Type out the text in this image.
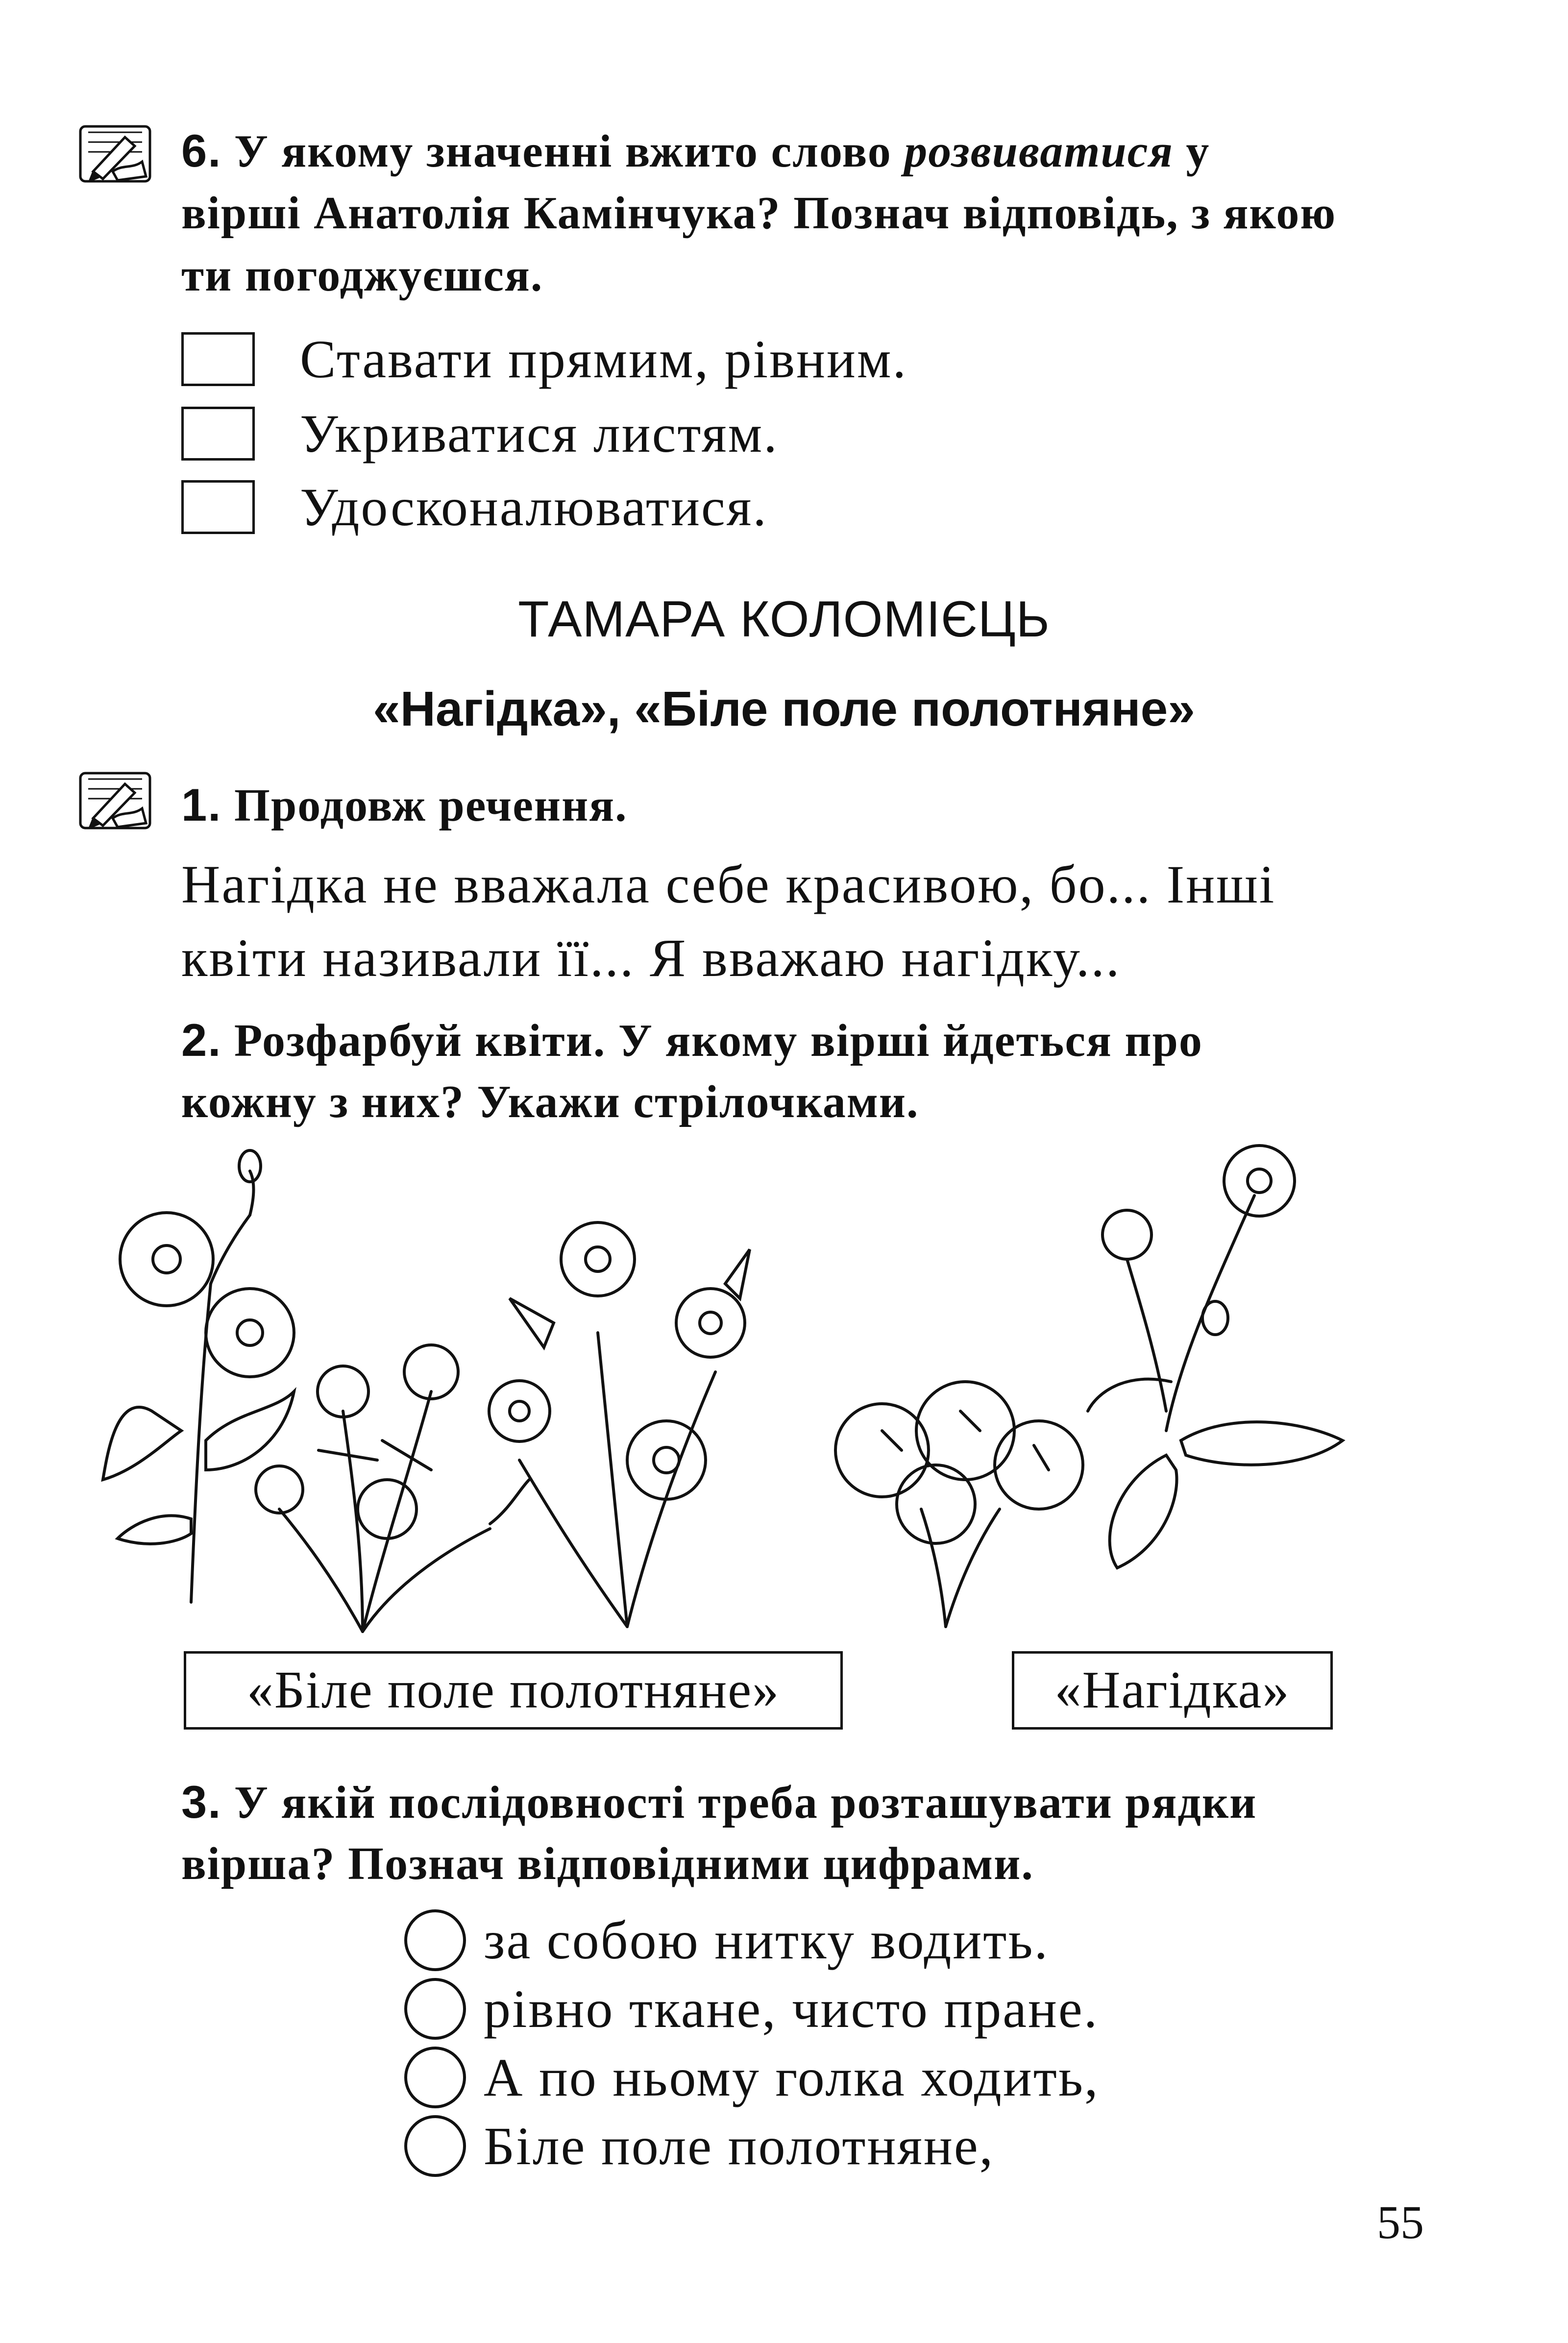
6. У якому значенні вжито слово розвиватися у
вірші Анатолія Камінчука? Познач відповідь, з якою
ти погоджуєшся.
Ставати прямим, рівним.
Укриватися листям.
Удосконалюватися.
ТАМАРА КОЛОМІЄЦЬ
«Нагідка», «Біле поле полотняне»
1. Продовж речення.
Нагідка не вважала себе красивою, бо... Інші
квіти називали її... Я вважаю нагідку...
2. Розфарбуй квіти. У якому вірші йдеться про
кожну з них? Укажи стрілочками.
«Біле поле полотняне»	«Нагідка»
3. У якій послідовності треба розташувати рядки
вірша? Познач відповідними цифрами.
за собою нитку водить.
рівно ткане, чисто пране.
А по ньому голка ходить,
Біле поле полотняне,
55
